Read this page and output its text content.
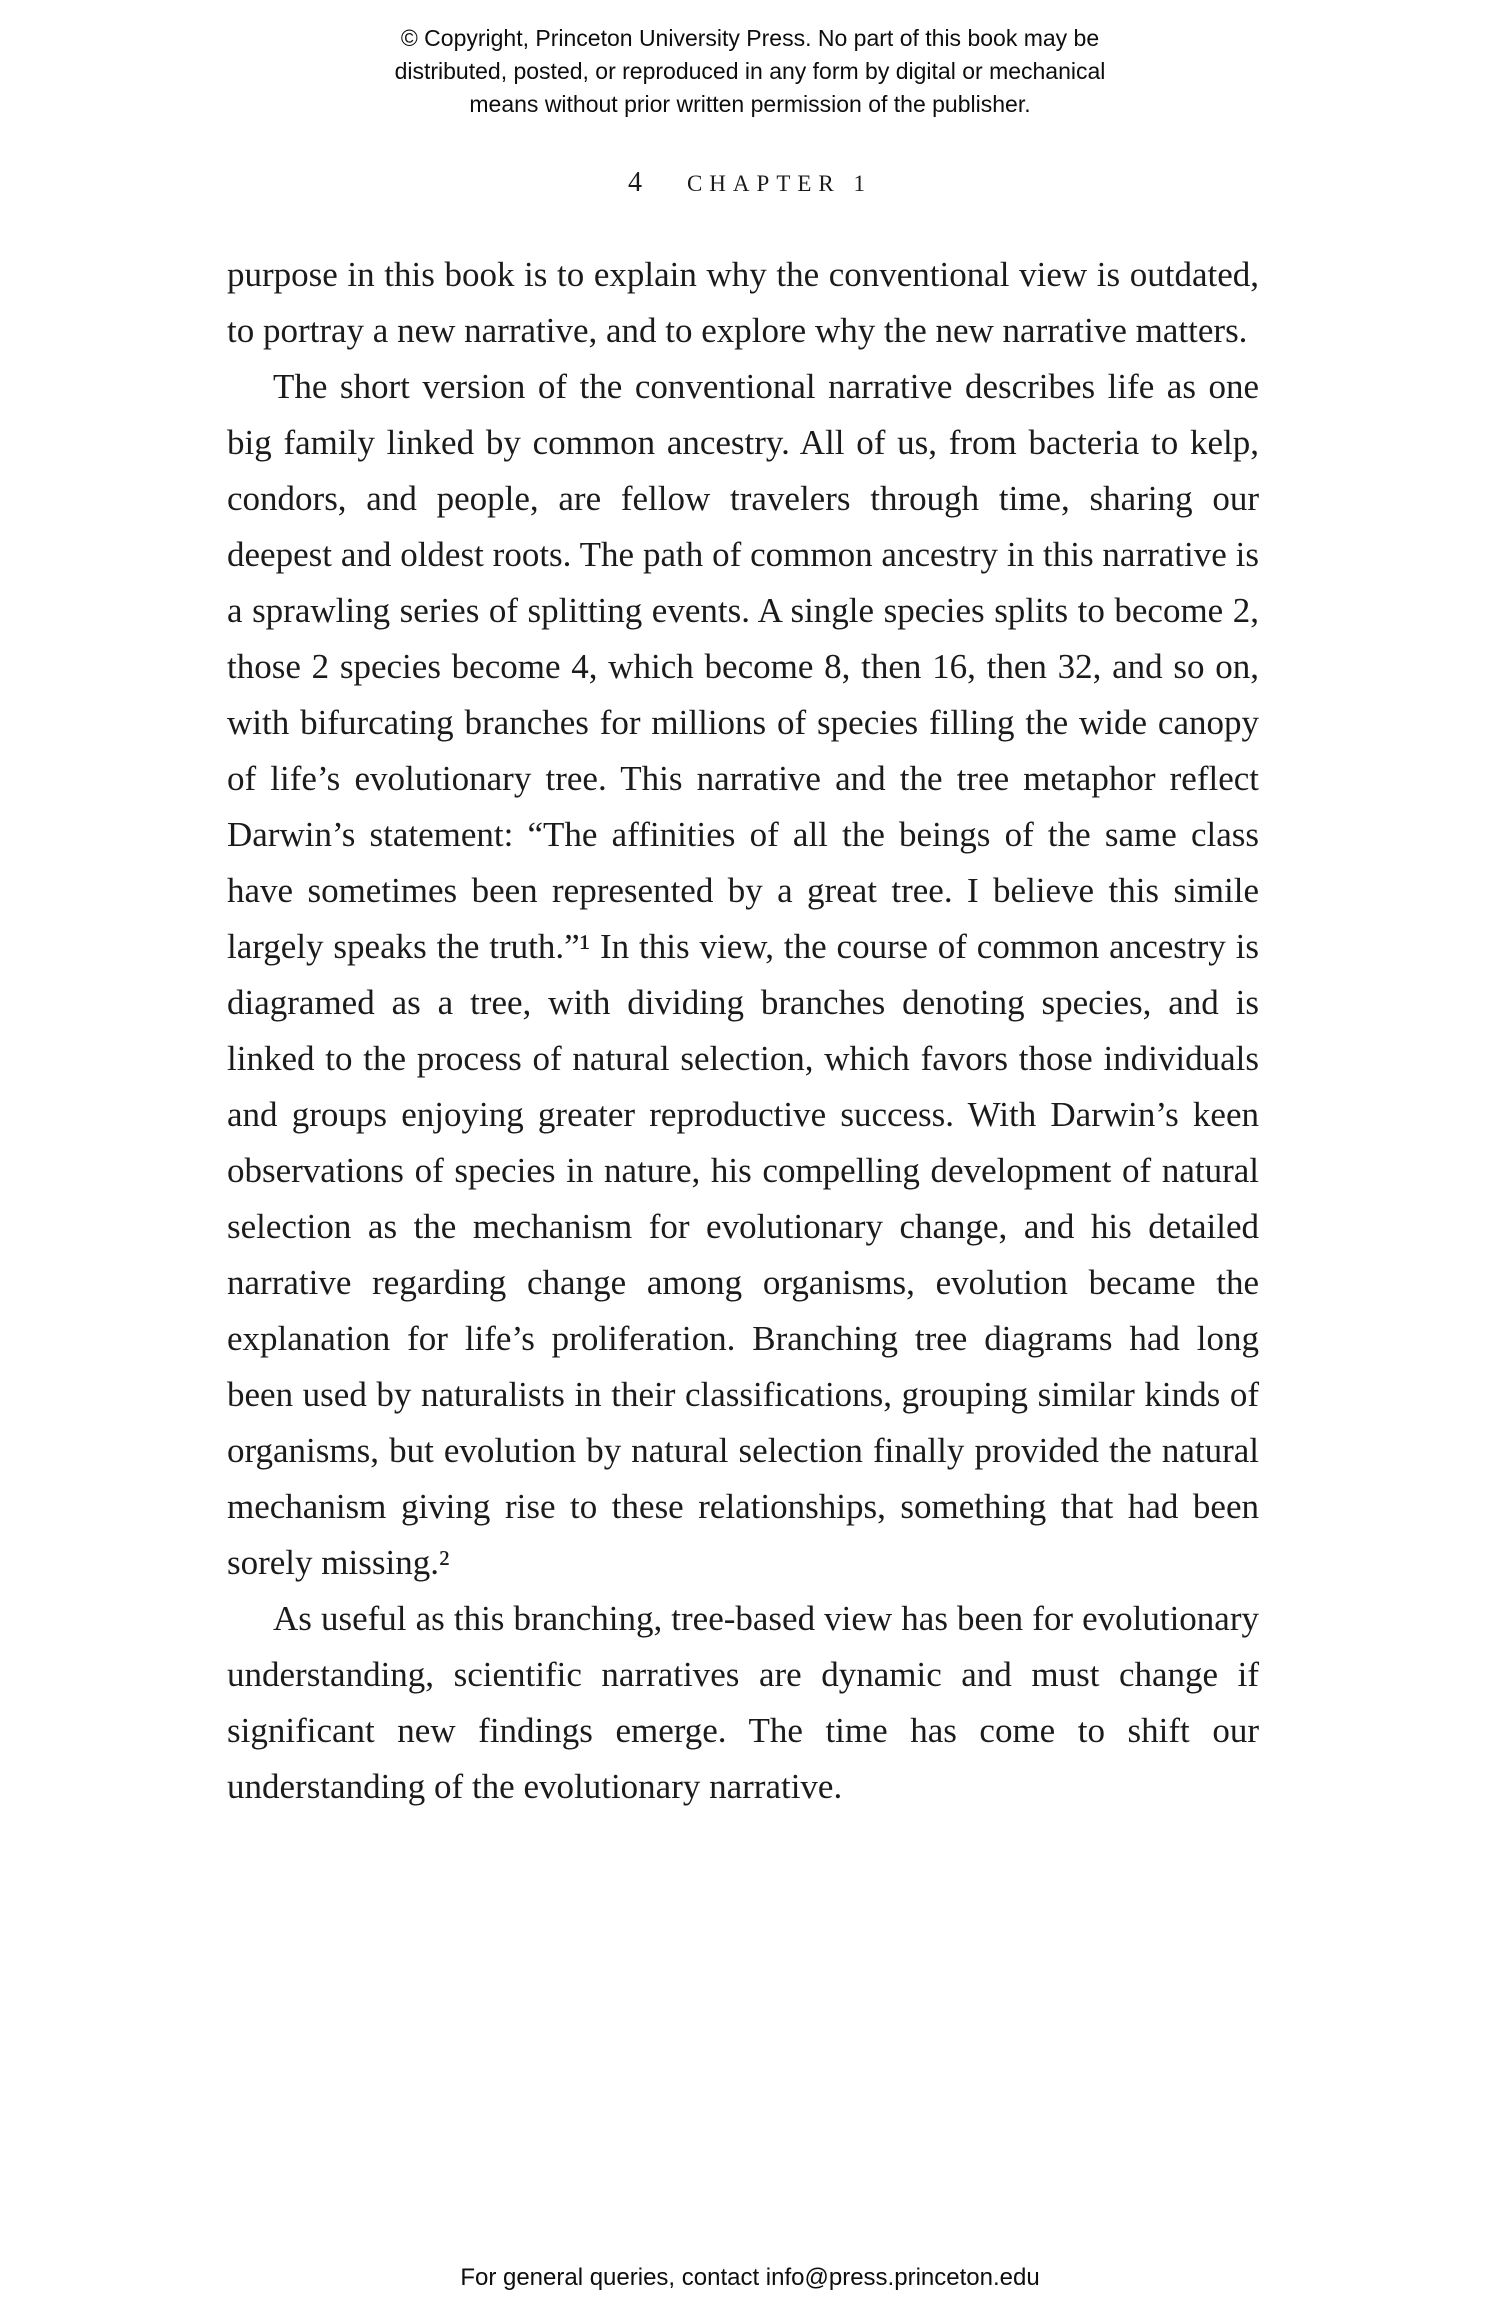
© Copyright, Princeton University Press. No part of this book may be
distributed, posted, or reproduced in any form by digital or mechanical
means without prior written permission of the publisher.
4 CHAPTER 1

purpose in this book is to explain why the conventional view is outdated, to portray a new narrative, and to explore why the new narrative matters.

The short version of the conventional narrative describes life as one big family linked by common ancestry. All of us, from bacteria to kelp, condors, and people, are fellow travelers through time, sharing our deepest and oldest roots. The path of common ancestry in this narrative is a sprawling series of splitting events. A single species splits to become 2, those 2 species become 4, which become 8, then 16, then 32, and so on, with bifurcating branches for millions of species filling the wide canopy of life’s evolutionary tree. This narrative and the tree metaphor reflect Darwin’s statement: “The affinities of all the beings of the same class have sometimes been represented by a great tree. I believe this simile largely speaks the truth.”¹ In this view, the course of common ancestry is diagramed as a tree, with dividing branches denoting species, and is linked to the process of natural selection, which favors those individuals and groups enjoying greater reproductive success. With Darwin’s keen observations of species in nature, his compelling development of natural selection as the mechanism for evolutionary change, and his detailed narrative regarding change among organisms, evolution became the explanation for life’s proliferation. Branching tree diagrams had long been used by naturalists in their classifications, grouping similar kinds of organisms, but evolution by natural selection finally provided the natural mechanism giving rise to these relationships, something that had been sorely missing.²

As useful as this branching, tree-based view has been for evolutionary understanding, scientific narratives are dynamic and must change if significant new findings emerge. The time has come to shift our understanding of the evolutionary narrative.

For general queries, contact info@press.princeton.edu
